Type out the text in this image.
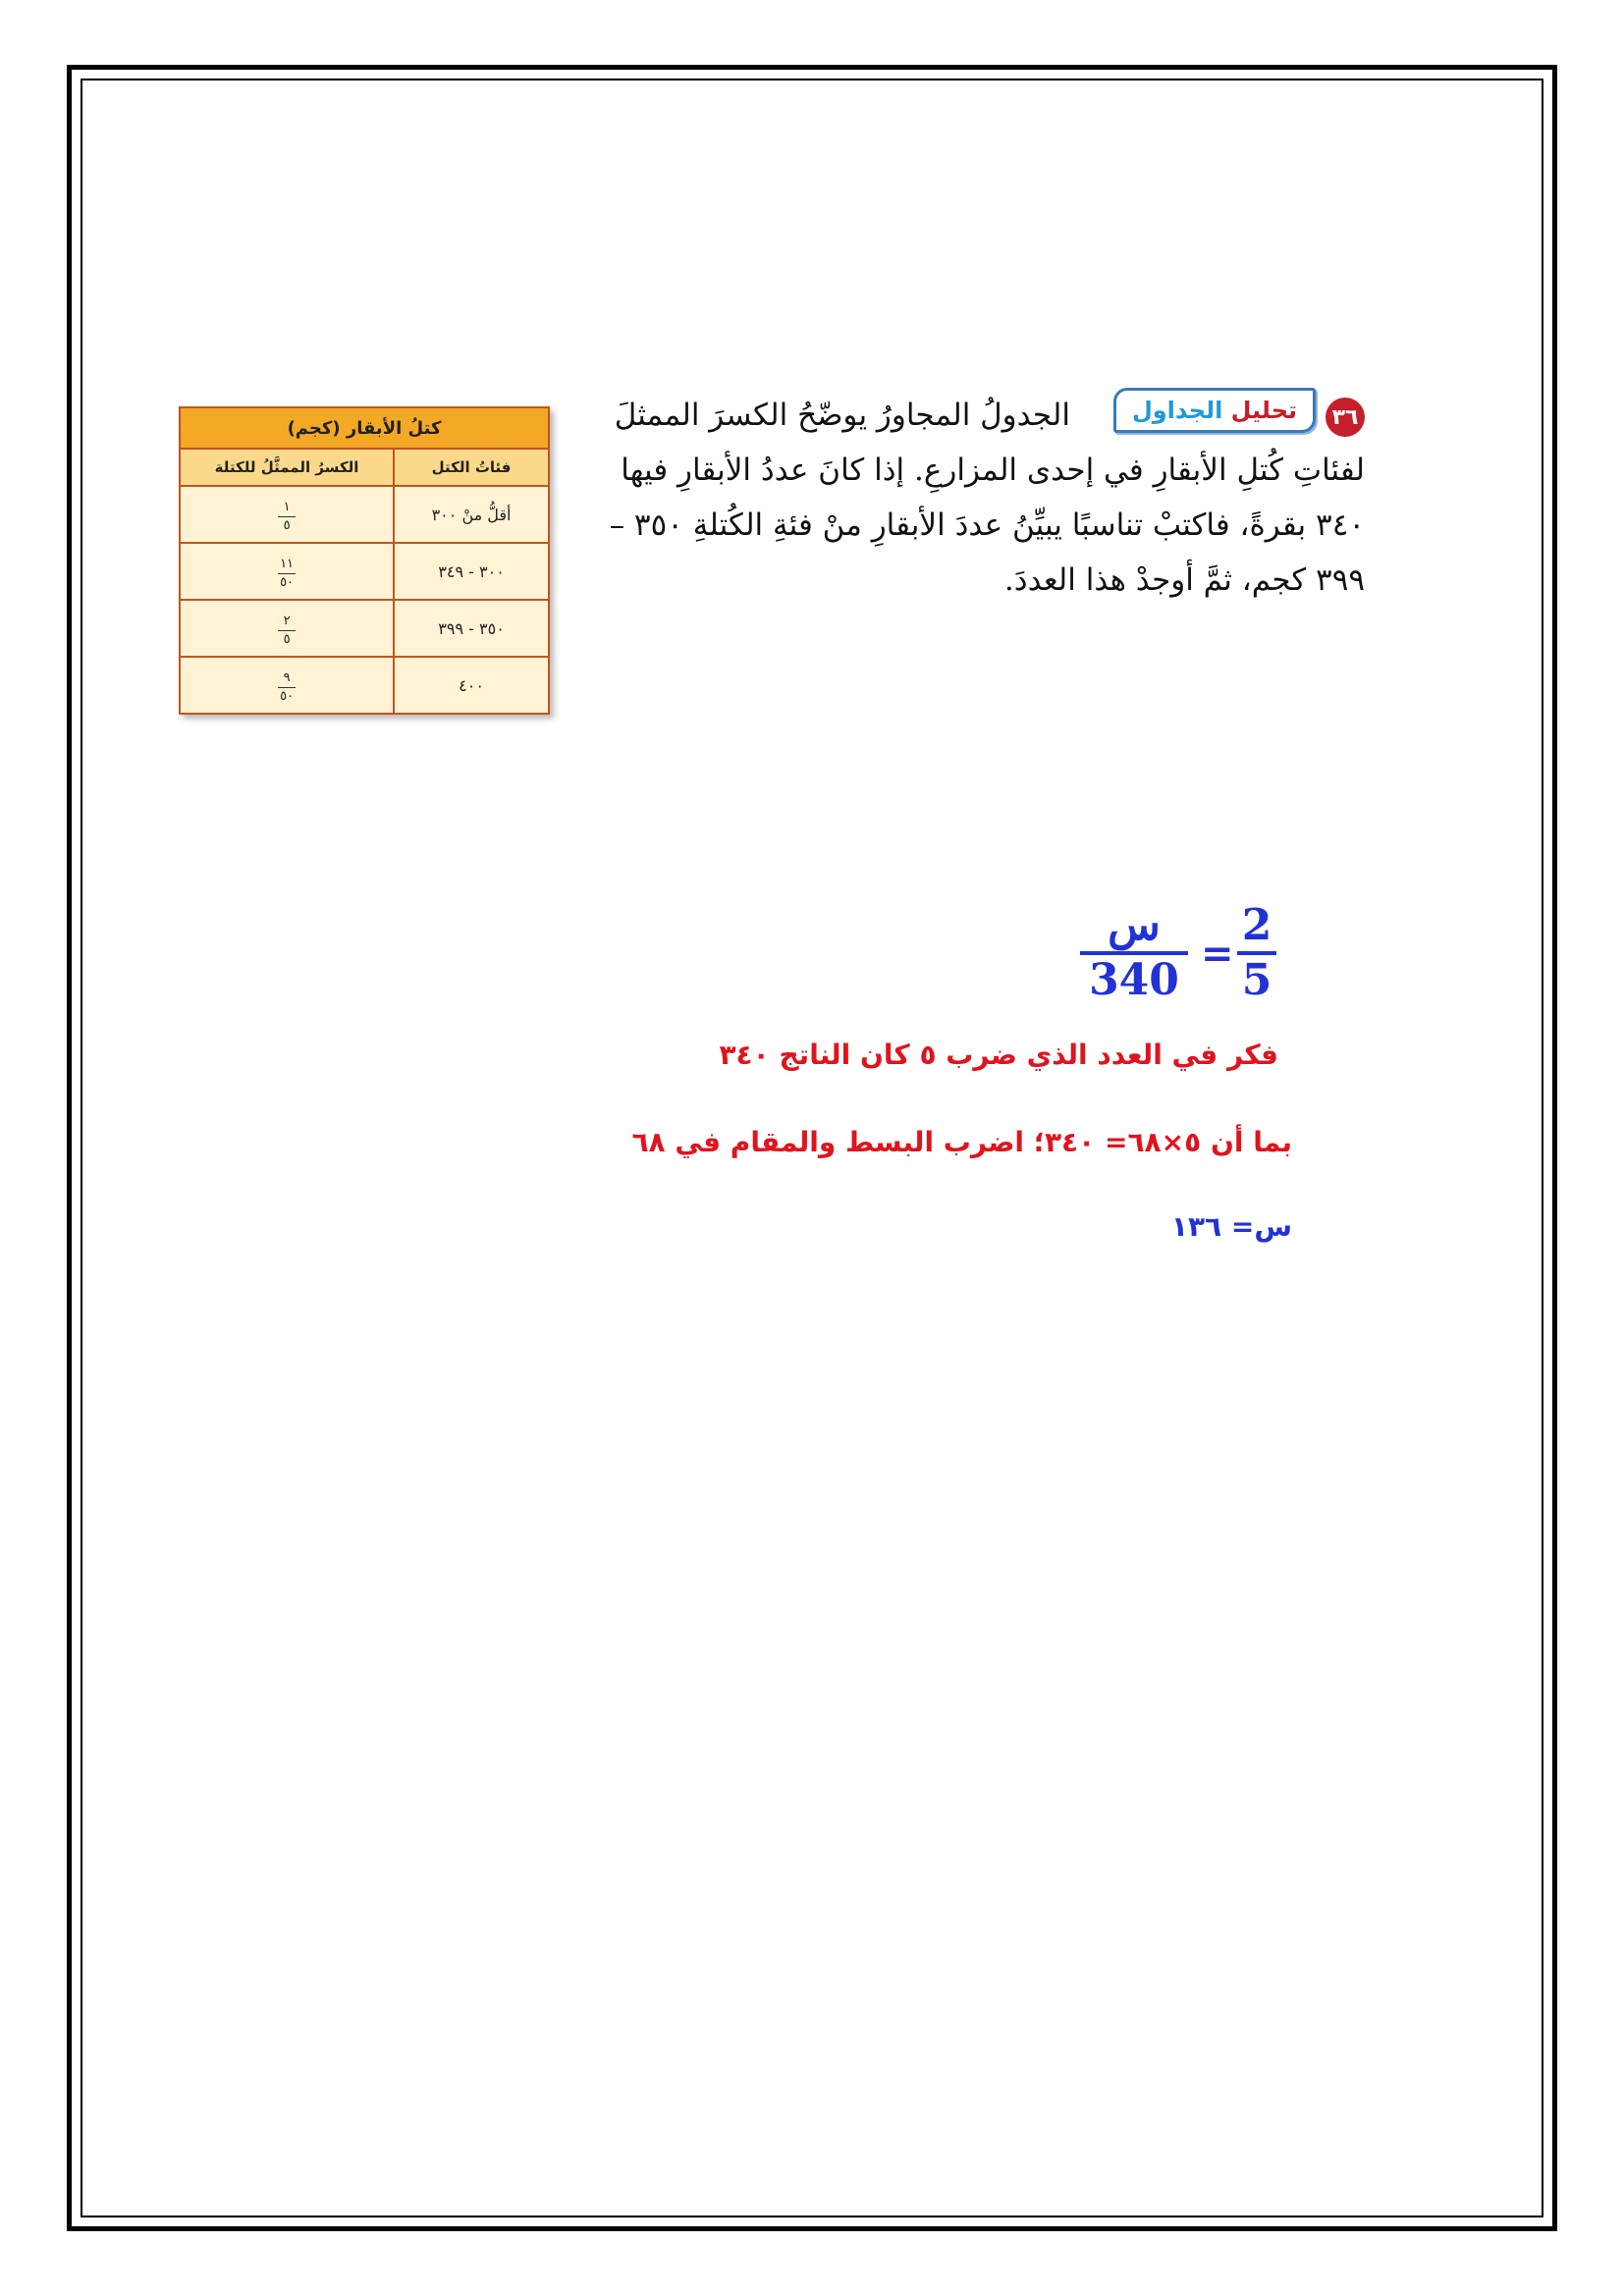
٣٦
تحليل الجداول

الجدولُ المجاورُ يوضّحُ الكسرَ الممثلَ لفئاتِ كُتلِ الأبقارِ في إحدى المزارعِ. إذا كانَ عددُ الأبقارِ فيها ٣٤٠ بقرةً، فاكتبْ تناسبًا يبيِّنُ عددَ الأبقارِ منْ فئةِ الكُتلةِ ٣٥٠ – ٣٩٩ كجم، ثمَّ أوجدْ هذا العددَ.

كتلُ الأبقار (كجم)	
فئاتُ الكتل	الكسرُ الممثَّلُ للكتلة
أقلُّ منْ ٣٠٠	$\frac{١}{٥}$

٣٠٠ - ٣٤٩	$\frac{١١}{٥٠}$

٣٥٠ - ٣٩٩	$\frac{٢}{٥}$

٤٠٠	$\frac{٩}{٥٠}$
س
340
=
2
5
فكر في العدد الذي ضرب ٥ كان الناتج ٣٤٠
بما أن ٥×٦٨= ٣٤٠؛ اضرب البسط والمقام في ٦٨
س= ١٣٦
